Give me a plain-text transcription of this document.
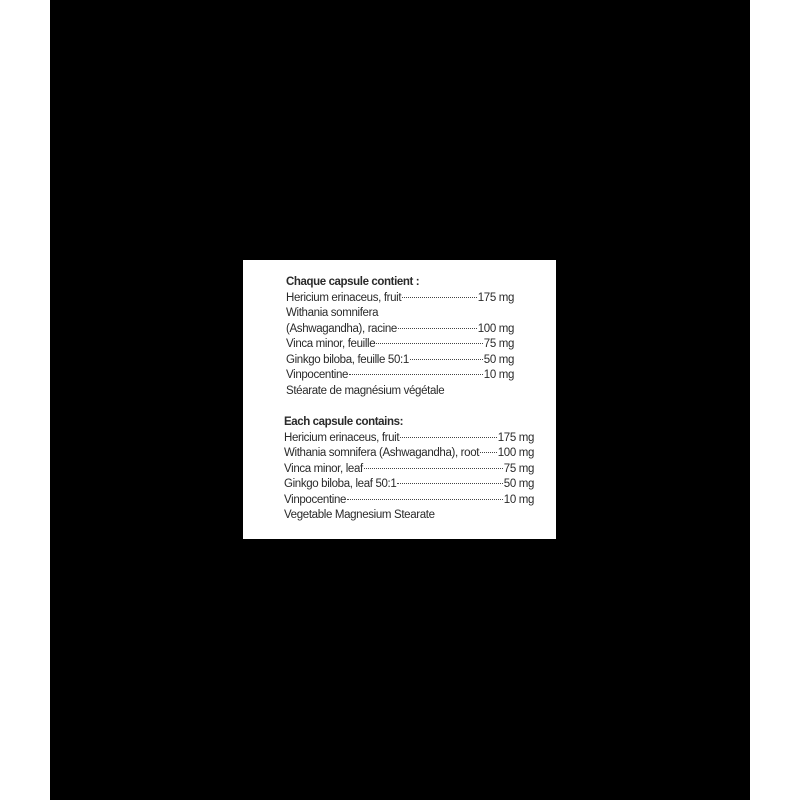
Chaque capsule contient :
Hericium erinaceus, fruit	175 mg
Withania somnifera
(Ashwagandha), racine	100 mg
Vinca minor, feuille	75 mg
Ginkgo biloba, feuille 50:1	50 mg
Vinpocentine	10 mg
Stéarate de magnésium végétale
Each capsule contains:
Hericium erinaceus, fruit	175 mg
Withania somnifera (Ashwagandha), root 100 mg
Vinca minor, leaf	75 mg
Ginkgo biloba, leaf 50:1	50 mg
Vinpocentine	10 mg
Vegetable Magnesium Stearate
